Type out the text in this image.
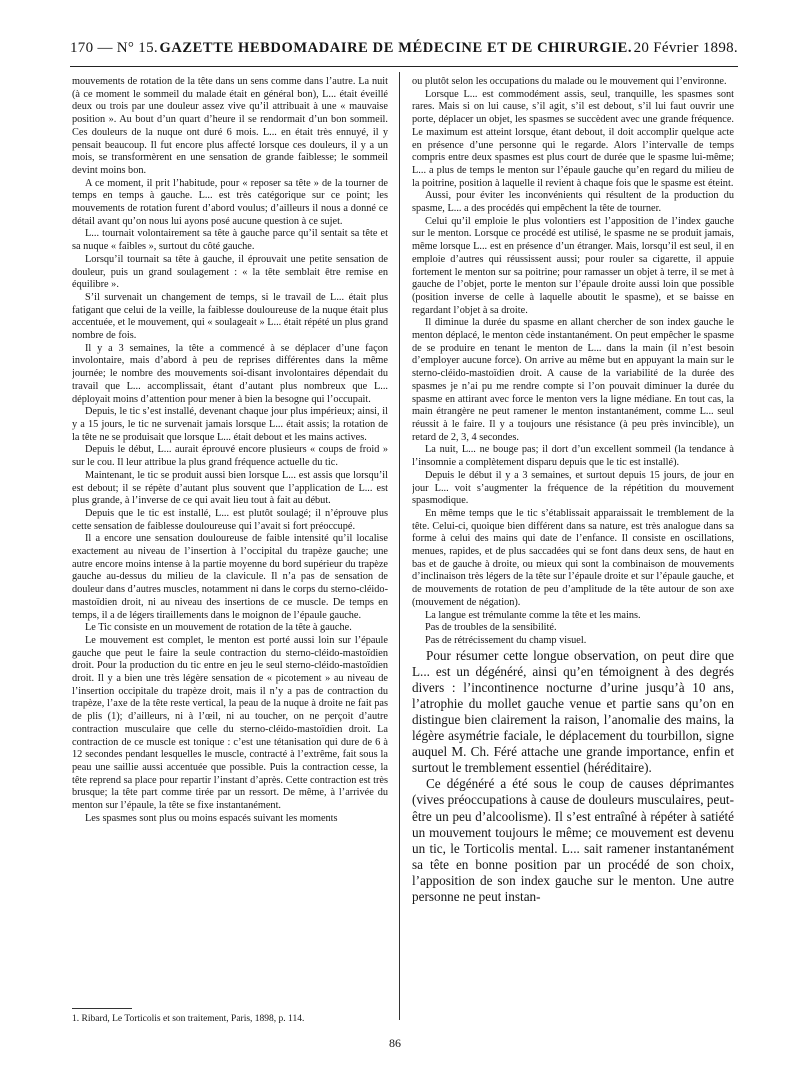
170 — N° 15. GAZETTE HEBDOMADAIRE DE MÉDECINE ET DE CHIRURGIE. 20 Février 1898.

mouvements de rotation de la tête dans un sens comme dans l’autre. La nuit (à ce moment le sommeil du malade était en général bon), L... était éveillé deux ou trois par une douleur assez vive qu’il attribuait à une « mauvaise position ». Au bout d’un quart d’heure il se rendormait d’un bon sommeil. Ces douleurs de la nuque ont duré 6 mois. L... en était très ennuyé, il y pensait beaucoup. Il fut encore plus affecté lorsque ces douleurs, il y a un mois, se transformèrent en une sensation de grande faiblesse; le sommeil devint moins bon.

A ce moment, il prit l’habitude, pour « reposer sa tête » de la tourner de temps en temps à gauche. L... est très catégorique sur ce point; les mouvements de rotation furent d’abord voulus; d’ailleurs il nous a donné ce détail avant qu’on nous lui ayons posé aucune question à ce sujet.

L... tournait volontairement sa tête à gauche parce qu’il sentait sa tête et sa nuque « faibles », surtout du côté gauche.

Lorsqu’il tournait sa tête à gauche, il éprouvait une petite sensation de douleur, puis un grand soulagement : « la tête semblait être remise en équilibre ».

S’il survenait un changement de temps, si le travail de L... était plus fatigant que celui de la veille, la faiblesse douloureuse de la nuque était plus accentuée, et le mouvement, qui « soulageait » L... était répété un plus grand nombre de fois.

Il y a 3 semaines, la tête a commencé à se déplacer d’une façon involontaire, mais d’abord à peu de reprises différentes dans la même journée; le nombre des mouvements soi-disant involontaires dépendait du travail que L... accomplissait, étant d’autant plus nombreux que L... déployait moins d’attention pour mener à bien la besogne qui l’occupait.

Depuis, le tic s’est installé, devenant chaque jour plus impérieux; ainsi, il y a 15 jours, le tic ne survenait jamais lorsque L... était assis; la rotation de la tête ne se produisait que lorsque L... était debout et les mains actives.

Depuis le début, L... aurait éprouvé encore plusieurs « coups de froid » sur le cou. Il leur attribue la plus grand fréquence actuelle du tic.

Maintenant, le tic se produit aussi bien lorsque L... est assis que lorsqu’il est debout; il se répète d’autant plus souvent que l’application de L... est plus grande, à l’inverse de ce qui avait lieu tout à fait au début.

Depuis que le tic est installé, L... est plutôt soulagé; il n’éprouve plus cette sensation de faiblesse douloureuse qui l’avait si fort préoccupé.

Il a encore une sensation douloureuse de faible intensité qu’il localise exactement au niveau de l’insertion à l’occipital du trapèze gauche; une autre encore moins intense à la partie moyenne du bord supérieur du trapèze gauche au-dessus du milieu de la clavicule. Il n’a pas de sensation de douleur dans d’autres muscles, notamment ni dans le corps du sterno-cléido-mastoïdien droit, ni au niveau des insertions de ce muscle. De temps en temps, il a de légers tiraillements dans le moignon de l’épaule gauche.

Le Tic consiste en un mouvement de rotation de la tête à gauche.

Le mouvement est complet, le menton est porté aussi loin sur l’épaule gauche que peut le faire la seule contraction du sterno-cléido-mastoïdien droit. Pour la production du tic entre en jeu le seul sterno-cléido-mastoïdien droit. Il y a bien une très légère sensation de « picotement » au niveau de l’insertion occipitale du trapèze droit, mais il n’y a pas de contraction du trapèze, l’axe de la tête reste vertical, la peau de la nuque à droite ne fait pas de plis (1); d’ailleurs, ni à l’œil, ni au toucher, on ne perçoit d’autre contraction musculaire que celle du sterno-cléido-mastoïdien droit. La contraction de ce muscle est tonique : c’est une tétanisation qui dure de 6 à 12 secondes pendant lesquelles le muscle, contracté à l’extrême, fait sous la peau une saillie aussi accentuée que possible. Puis la contraction cesse, la tête reprend sa place pour repartir l’instant d’après. Cette contraction est très brusque; la tête part comme tirée par un ressort. De même, à l’arrivée du menton sur l’épaule, la tête se fixe instantanément.

Les spasmes sont plus ou moins espacés suivant les moments

ou plutôt selon les occupations du malade ou le mouvement qui l’environne.

Lorsque L... est commodément assis, seul, tranquille, les spasmes sont rares. Mais si on lui cause, s’il agit, s’il est debout, s’il lui faut ouvrir une porte, déplacer un objet, les spasmes se succèdent avec une grande fréquence. Le maximum est atteint lorsque, étant debout, il doit accomplir quelque acte en présence d’une personne qui le regarde. Alors l’intervalle de temps compris entre deux spasmes est plus court de durée que le spasme lui-même; L... a plus de temps le menton sur l’épaule gauche qu’en regard du milieu de la poitrine, position à laquelle il revient à chaque fois que le spasme est éteint.

Aussi, pour éviter les inconvénients qui résultent de la production du spasme, L... a des procédés qui empêchent la tête de tourner.

Celui qu’il emploie le plus volontiers est l’apposition de l’index gauche sur le menton. Lorsque ce procédé est utilisé, le spasme ne se produit jamais, même lorsque L... est en présence d’un étranger. Mais, lorsqu’il est seul, il en emploie d’autres qui réussissent aussi; pour rouler sa cigarette, il appuie fortement le menton sur sa poitrine; pour ramasser un objet à terre, il se met à gauche de l’objet, porte le menton sur l’épaule droite aussi loin que possible (position inverse de celle à laquelle aboutit le spasme), et se baisse en regardant l’objet à sa droite.

Il diminue la durée du spasme en allant chercher de son index gauche le menton déplacé, le menton cède instantanément. On peut empêcher le spasme de se produire en tenant le menton de L... dans la main (il n’est besoin d’employer aucune force). On arrive au même but en appuyant la main sur le sterno-cléido-mastoïdien droit. A cause de la variabilité de la durée des spasmes je n’ai pu me rendre compte si l’on pouvait diminuer la durée du spasme en attirant avec force le menton vers la ligne médiane. En tout cas, la main étrangère ne peut ramener le menton instantanément, comme L... seul réussit à le faire. Il y a toujours une résistance (à peu près invincible), un retard de 2, 3, 4 secondes.

La nuit, L... ne bouge pas; il dort d’un excellent sommeil (la tendance à l’insomnie a complètement disparu depuis que le tic est installé).

Depuis le début il y a 3 semaines, et surtout depuis 15 jours, de jour en jour L... voit s’augmenter la fréquence de la répétition du mouvement spasmodique.

En même temps que le tic s’établissait apparaissait le tremblement de la tête. Celui-ci, quoique bien différent dans sa nature, est très analogue dans sa forme à celui des mains qui date de l’enfance. Il consiste en oscillations, menues, rapides, et de plus saccadées qui se font dans deux sens, de haut en bas et de gauche à droite, ou mieux qui sont la combinaison de mouvements d’inclinaison très légers de la tête sur l’épaule droite et sur l’épaule gauche, et de mouvements de rotation de peu d’amplitude de la tête autour de son axe (mouvement de négation).

La langue est trémulante comme la tête et les mains.

Pas de troubles de la sensibilité.

Pas de rétrécissement du champ visuel.

Pour résumer cette longue observation, on peut dire que L... est un dégénéré, ainsi qu’en témoignent à des degrés divers : l’incontinence nocturne d’urine jusqu’à 10 ans, l’atrophie du mollet gauche venue et partie sans qu’on en distingue bien clairement la raison, l’anomalie des mains, la légère asymétrie faciale, le déplacement du tourbillon, signe auquel M. Ch. Féré attache une grande importance, enfin et surtout le tremblement essentiel (héréditaire).

Ce dégénéré a été sous le coup de causes déprimantes (vives préoccupations à cause de douleurs musculaires, peut-être un peu d’alcoolisme). Il s’est entraîné à répéter à satiété un mouvement toujours le même; ce mouvement est devenu un tic, le Torticolis mental. L... sait ramener instantanément sa tête en bonne position par un procédé de son choix, l’apposition de son index gauche sur le menton. Une autre personne ne peut instan-

1. Ribard, Le Torticolis et son traitement, Paris, 1898, p. 114.
86
